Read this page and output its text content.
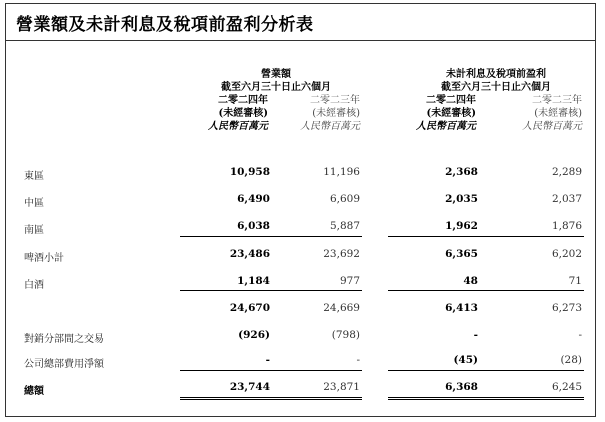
營業額及未計利息及稅項前盈利分析表
營業額
截至六月三十日止六個月
二零二四年
(未經審核)
人民幣百萬元
二零二三年
(未經審核)
人民幣百萬元
未計利息及稅項前盈利
截至六月三十日止六個月
二零二四年
(未經審核)
人民幣百萬元
二零二三年
(未經審核)
人民幣百萬元
東區	10,958	11,196	2,368	2,289
中區	6,490	6,609	2,035	2,037
南區	6,038	5,887	1,962	1,876
啤酒小計	23,486	23,692	6,365	6,202
白酒	1,184	977	48	71
24,670	24,669	6,413	6,273
對銷分部間之交易	(926)	(798)	-	-
公司總部費用淨額	-	-	(45)	(28)
總額	23,744	23,871	6,368	6,245
